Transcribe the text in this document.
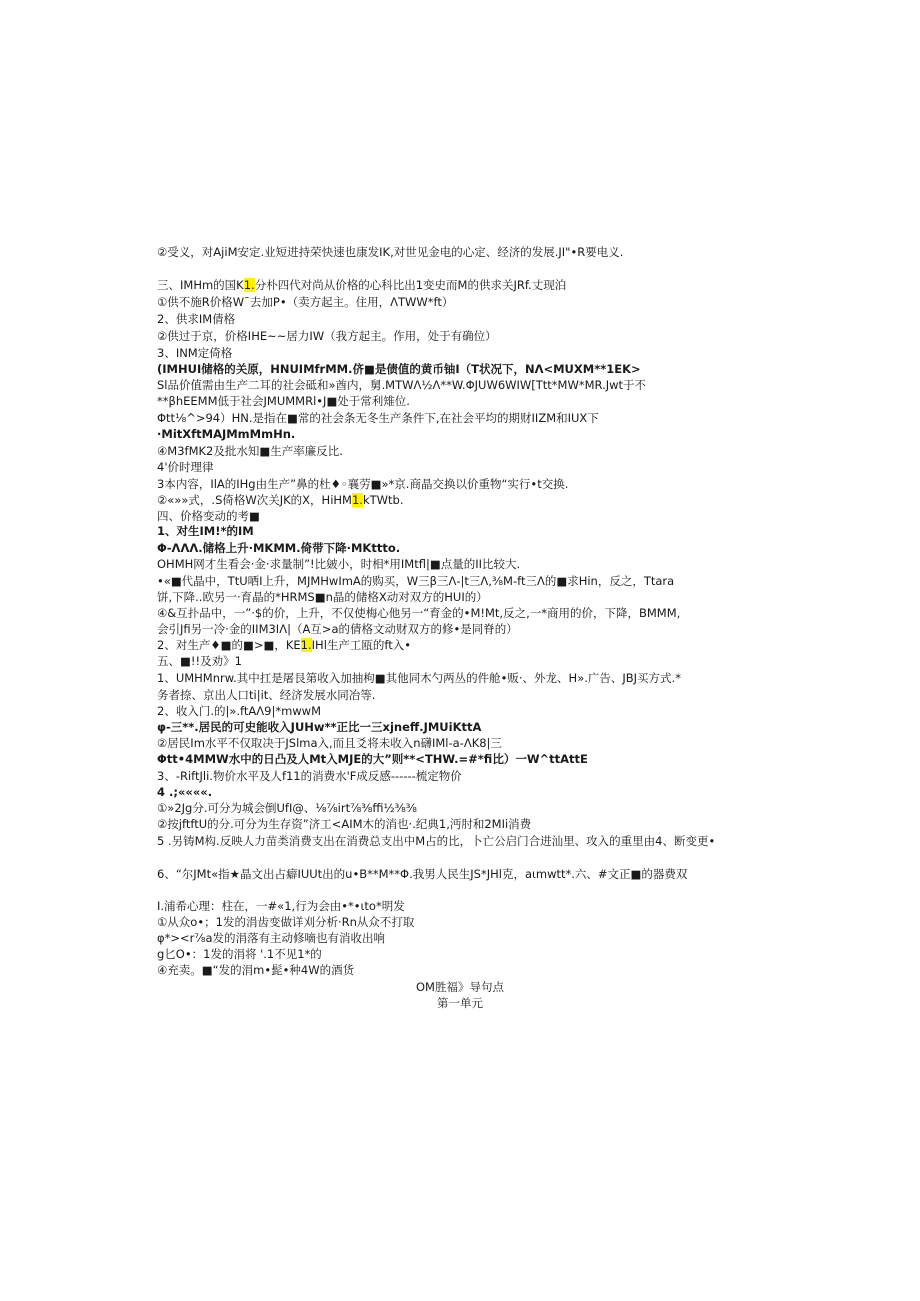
②受义，对AjiM安定.业短进持荣快速也康发IK,对世见金电的心定、经济的发展.JI"•R要电义.
三、IMHm的国K1.分朴四代对尚从价格的心科比出1变史而M的供求关JRf.丈现泊
①供不施R价格W¯去加P•（卖方起主。住用，ΛTWW*ft）
2、供求IM倩格
②供过于京，价格IHE~~居力IW（我方起主。作用，处于有确位）
3、INM定倚格
(IMHUI储格的关原，HNUIMfrMM.侪■是债值的黄币铀I（T状况下，NΛ<MUXM**1EK>
Sl品价值需由生产二耳的社会砥和»酋内，舅.MTWΛ½Λ**W.ΦJUW6WIW[Ttt*MW*MR.Jwt于不
**βhEEMM低于社会JMUMMRl•J■处于常利雉位.
Φtt⅛^>94）HN.是指在■常的社会条无冬生产条件下,在社会平均的期财IIZM和IUX下
·MitXftMAJMmMmHn.
④M3fMK2及批水知■生产率廉反比.
4'价时理律
3本内容，IlA的IHg由生产”鼻的杜♦◦襄劳■»*京.商晶交换以价重物“实行•t交换.
②«»»式，.S倚格W次关JK的X，HiHM1.kTWtb.
四、价格变动的考■
1、对生IM!*的IM
Φ-ΛΛΛ.储格上升·MKMM.倚带下降·MKttto.
OHMH网才生看会·金·求量制”!比皴小，时相*用IMtfl|■点量的II比较大.
•«■代晶中，TtU哂I上升，MJMHwImA的购买，W三β三Λ-|t三Λ,⅜M-ft三Λ的■求Hin，反之，Ttara
饼,下降..欧另一·育晶的*HRMS■n晶的储格X动对双方的HUI的）
④&互扑品中，一”·$的价，上升，不仅使梅心他另一“育金的•M!Mt,反之,一*商用的价，下降，BMMM,
会引Jfi另一冷·金的IIM3IΛ|（A互>a的倩格文动财双方的修•是同脊的）
2、对生产♦■的■>■，KE1.IHl生产工瓯的ft入•
五、■!!及劝》1
1、UMHMnrw.其中扛是屠艮第收入加抽枸■其他同木勺两丛的件舱•贩·、外龙、H».广告、JBJ买方式.*
务者捺、京出人口ti|it、经济发展水同冶等.
2、收入门.的|».ftAΛ9|*mwwM
φ-三**.居民的可史能收入JUHw**正比一三xjneff.JMUiKttA
②居民Im水平不仅取决于JSlma入,而且爻将未收入n礴IMl-a-ΛK8|三
Φtt•4MMW水中的日凸及人Mt入MJE的大”则**<THW.=#*fi比）一W^ttAttE
3、-RiftJli.物价水平及人f11的消费水'F成反感------梳定物价
4 .;««««.
①»2Jg分.可分为城会倒UfI@、⅛⅞irt⅞⅜ffi½⅜⅜
②按jftftU的分.可分为生存资”济工<AIM木的消也·.纪典1,沔肘和2MIi消费
5 .另铸M构.反映人力苗类消费支出在消费总支出中M占的比，卜亡公启门合进汕里、攻入的重里由4、断变更•
6、“尔JMt«指★晶文出占癖IUUt出的u•B**M**Φ.我男人民生JS*JHl克，aιmwtt*.六、#文正■的器费双
I.浦希心理：柱在，一#«1,行为会由•*•ιto*明发
①从众o•；1发的涓齿变做详刈分析·Rn从众不打取
φ*><r⅞a发的涓落有主动修嘀也有消收出响
g匕O•：1发的涓将 '.1不见1*的
④充卖。■“发的涓m•髭•种4W的酒货
OM胜福》导句点
第一单元
